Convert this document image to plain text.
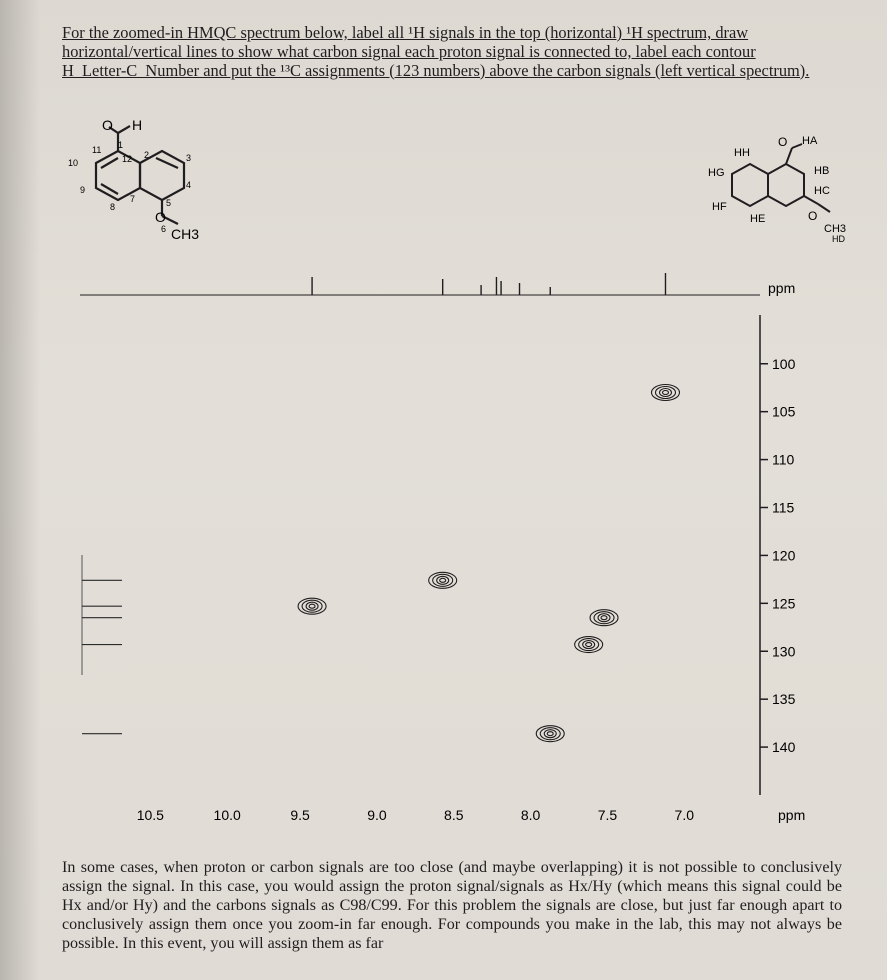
For the zoomed-in HMQC spectrum below, label all ¹H signals in the top (horizontal) ¹H spectrum, draw horizontal/vertical lines to show what carbon signal each proton signal is connected to, label each contour H_Letter-C_Number and put the ¹³C assignments (123 numbers) above the carbon signals (left vertical spectrum).
O H
O
CH3
1
2	3
4
5
6
7
8
9
10
11
12
O HA
HB
HC
HD
HE
HF
HG
HH
O
CH3
100
105
110
115
120
125
130
135
140
10.5	10.0	9.5	9.0	8.5	8.0	7.5	7.0
ppm
ppm
In some cases, when proton or carbon signals are too close (and maybe overlapping) it is not possible to conclusively assign the signal. In this case, you would assign the proton signal/signals as Hx/Hy (which means this signal could be Hx and/or Hy) and the carbons signals as C98/C99. For this problem the signals are close, but just far enough apart to conclusively assign them once you zoom-in far enough. For compounds you make in the lab, this may not always be possible. In this event, you will assign them as far
